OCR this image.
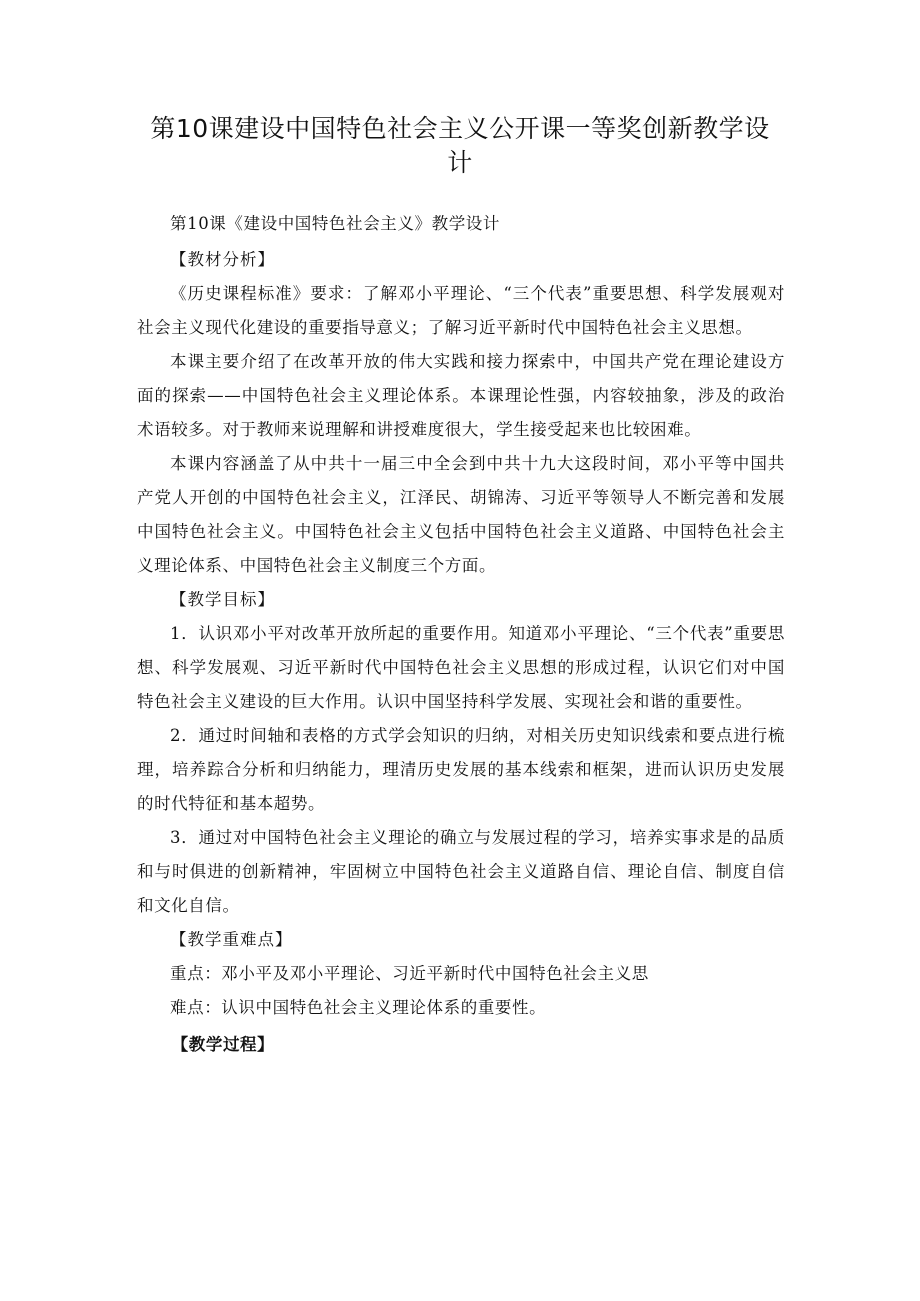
第10课建设中国特色社会主义公开课一等奖创新教学设计

第10课《建设中国特色社会主义》教学设计

【教材分析】

《历史课程标准》要求：了解邓小平理论、“三个代表”重要思想、科学发展观对社会主义现代化建设的重要指导意义；了解习近平新时代中国特色社会主义思想。

本课主要介绍了在改革开放的伟大实践和接力探索中，中国共产党在理论建设方面的探索——中国特色社会主义理论体系。本课理论性强，内容较抽象，涉及的政治术语较多。对于教师来说理解和讲授难度很大，学生接受起来也比较困难。

本课内容涵盖了从中共十一届三中全会到中共十九大这段时间，邓小平等中国共产党人开创的中国特色社会主义，江泽民、胡锦涛、习近平等领导人不断完善和发展中国特色社会主义。中国特色社会主义包括中国特色社会主义道路、中国特色社会主义理论体系、中国特色社会主义制度三个方面。

【教学目标】

1．认识邓小平对改革开放所起的重要作用。知道邓小平理论、“三个代表”重要思想、科学发展观、习近平新时代中国特色社会主义思想的形成过程，认识它们对中国特色社会主义建设的巨大作用。认识中国坚持科学发展、实现社会和谐的重要性。

2．通过时间轴和表格的方式学会知识的归纳，对相关历史知识线索和要点进行梳理，培养踪合分析和归纳能力，理清历史发展的基本线索和框架，进而认识历史发展的时代特征和基本超势。

3．通过对中国特色社会主义理论的确立与发展过程的学习，培养实事求是的品质和与时俱进的创新精神，牢固树立中国特色社会主义道路自信、理论自信、制度自信和文化自信。

【教学重难点】

重点：邓小平及邓小平理论、习近平新时代中国特色社会主义思

难点：认识中国特色社会主义理论体系的重要性。

【教学过程】
